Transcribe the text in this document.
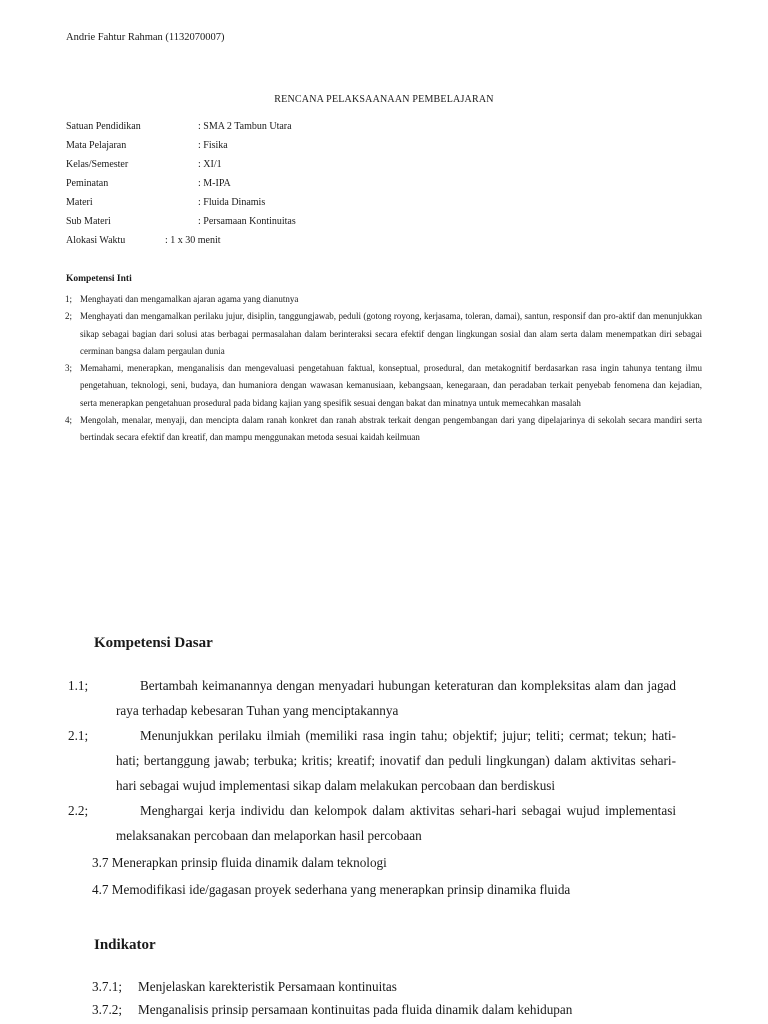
Andrie Fahtur Rahman (1132070007)
RENCANA PELAKSAANAAN PEMBELAJARAN
Satuan Pendidikan	: SMA 2 Tambun Utara
Mata Pelajaran	: Fisika
Kelas/Semester	: XI/1
Peminatan	: M-IPA
Materi	: Fluida Dinamis
Sub Materi	: Persamaan Kontinuitas
Alokasi Waktu	: 1 x 30 menit
Kompetensi Inti
1; Menghayati dan mengamalkan ajaran agama yang dianutnya
2; Menghayati dan mengamalkan perilaku jujur, disiplin, tanggungjawab, peduli (gotong royong, kerjasama, toleran, damai), santun, responsif dan pro-aktif dan menunjukkan sikap sebagai bagian dari solusi atas berbagai permasalahan dalam berinteraksi secara efektif dengan lingkungan sosial dan alam serta dalam menempatkan diri sebagai cerminan bangsa dalam pergaulan dunia
3; Memahami, menerapkan, menganalisis dan mengevaluasi pengetahuan faktual, konseptual, prosedural, dan metakognitif berdasarkan rasa ingin tahunya tentang ilmu pengetahuan, teknologi, seni, budaya, dan humaniora dengan wawasan kemanusiaan, kebangsaan, kenegaraan, dan peradaban terkait penyebab fenomena dan kejadian, serta menerapkan pengetahuan prosedural pada bidang kajian yang spesifik sesuai dengan bakat dan minatnya untuk memecahkan masalah
4; Mengolah, menalar, menyaji, dan mencipta dalam ranah konkret dan ranah abstrak terkait dengan pengembangan dari yang dipelajarinya di sekolah secara mandiri serta bertindak secara efektif dan kreatif, dan mampu menggunakan metoda sesuai kaidah keilmuan
Kompetensi Dasar
1.1;	Bertambah keimanannya dengan menyadari hubungan keteraturan dan kompleksitas alam dan jagad raya terhadap kebesaran Tuhan yang menciptakannya
2.1;	Menunjukkan perilaku ilmiah (memiliki rasa ingin tahu; objektif; jujur; teliti; cermat; tekun; hati-hati; bertanggung jawab; terbuka; kritis; kreatif; inovatif dan peduli lingkungan) dalam aktivitas sehari-hari sebagai wujud implementasi sikap dalam melakukan percobaan dan berdiskusi
2.2;	Menghargai kerja individu dan kelompok dalam aktivitas sehari-hari sebagai wujud implementasi melaksanakan percobaan dan melaporkan hasil percobaan
3.7 Menerapkan prinsip fluida dinamik dalam teknologi
4.7 Memodifikasi ide/gagasan proyek sederhana yang menerapkan prinsip dinamika fluida
Indikator
3.7.1; Menjelaskan karekteristik Persamaan kontinuitas
3.7.2; Menganalisis prinsip persamaan kontinuitas pada fluida dinamik dalam kehidupan
